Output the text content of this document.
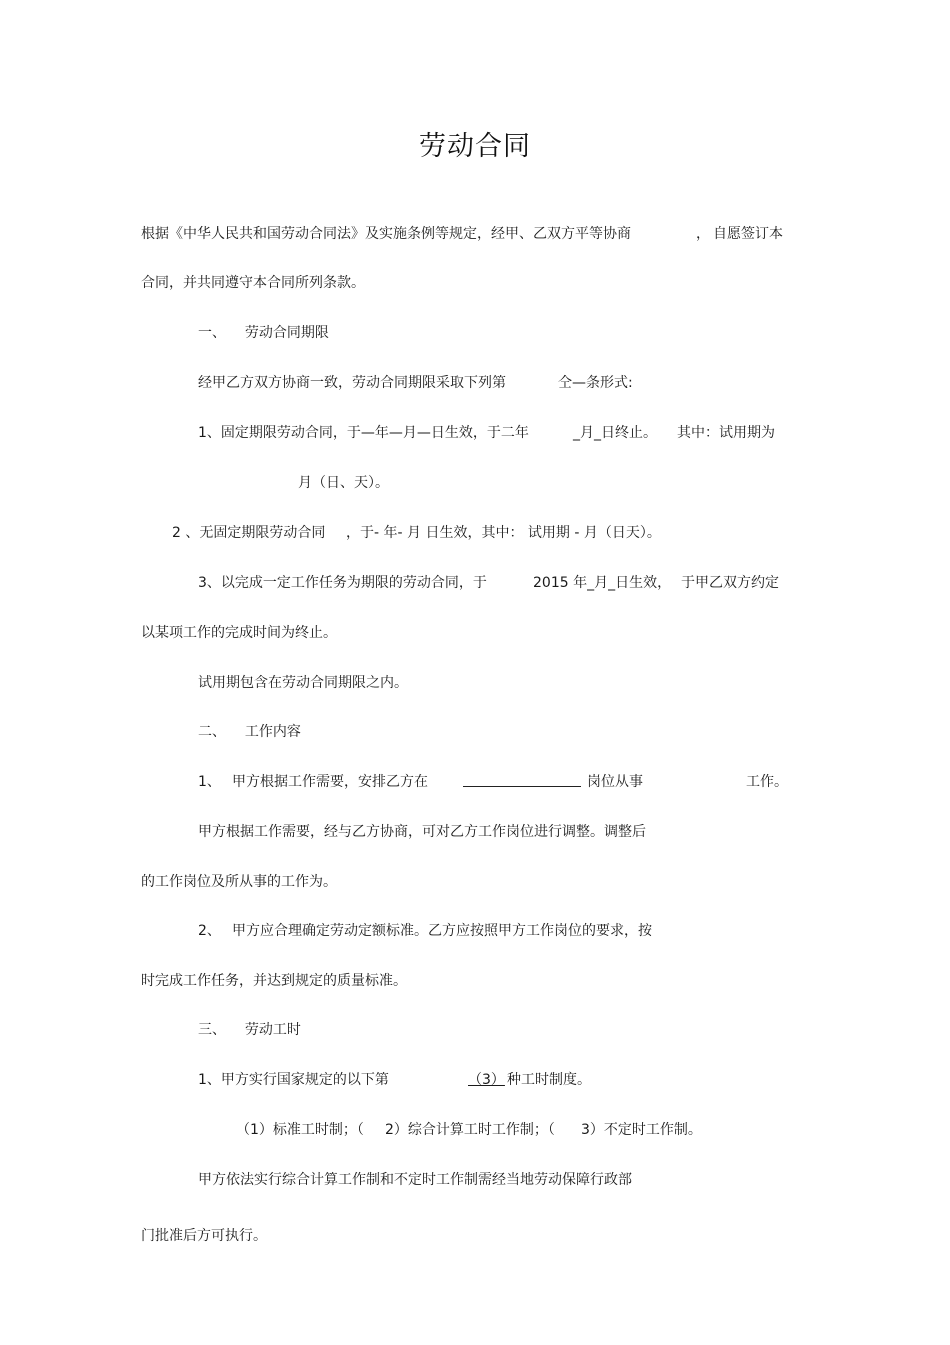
劳动合同
根据《中华人民共和国劳动合同法》及实施条例等规定，经甲、乙双方平等协商	， 自愿签订本
合同，并共同遵守本合同所列条款。
一、 劳动合同期限
经甲乙方双方协商一致，劳动合同期限采取下列第	仝—条形式:
1、固定期限劳动合同，于—年—月—日生效，于二年	_月_日终止。 其中：试用期为
月（日、天）。
2 、无固定期限劳动合同 ，于- 年- 月 日生效，其中： 试用期 - 月（日天）。
3、以完成一定工作任务为期限的劳动合同，于	2015 年_月_日生效， 于甲乙双方约定
以某项工作的完成时间为终止。
试用期包含在劳动合同期限之内。
二、 工作内容
1、 甲方根据工作需要，安排乙方在	岗位从事	工作。
甲方根据工作需要，经与乙方协商，可对乙方工作岗位进行调整。调整后
的工作岗位及所从事的工作为。
2、 甲方应合理确定劳动定额标准。乙方应按照甲方工作岗位的要求，按
时完成工作任务，并达到规定的质量标准。
三、 劳动工时
1、甲方实行国家规定的以下第	（3） 种工时制度。
（1）标准工时制；（ 2）综合计算工时工作制；（ 3）不定时工作制。
甲方依法实行综合计算工作制和不定时工作制需经当地劳动保障行政部
门批准后方可执行。
